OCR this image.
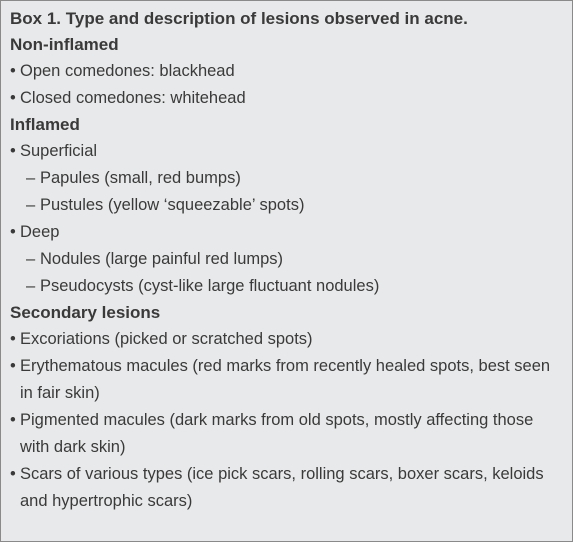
Box 1. Type and description of lesions observed in acne.

Non-inflamed

• Open comedones: blackhead

• Closed comedones: whitehead

Inflamed

• Superficial

– Papules (small, red bumps)

– Pustules (yellow ‘squeezable’ spots)

• Deep

– Nodules (large painful red lumps)

– Pseudocysts (cyst-like large fluctuant nodules)

Secondary lesions

• Excoriations (picked or scratched spots)

• Erythematous macules (red marks from recently healed spots, best seen in fair skin)

• Pigmented macules (dark marks from old spots, mostly affecting those with dark skin)

• Scars of various types (ice pick scars, rolling scars, boxer scars, keloids and hypertrophic scars)
